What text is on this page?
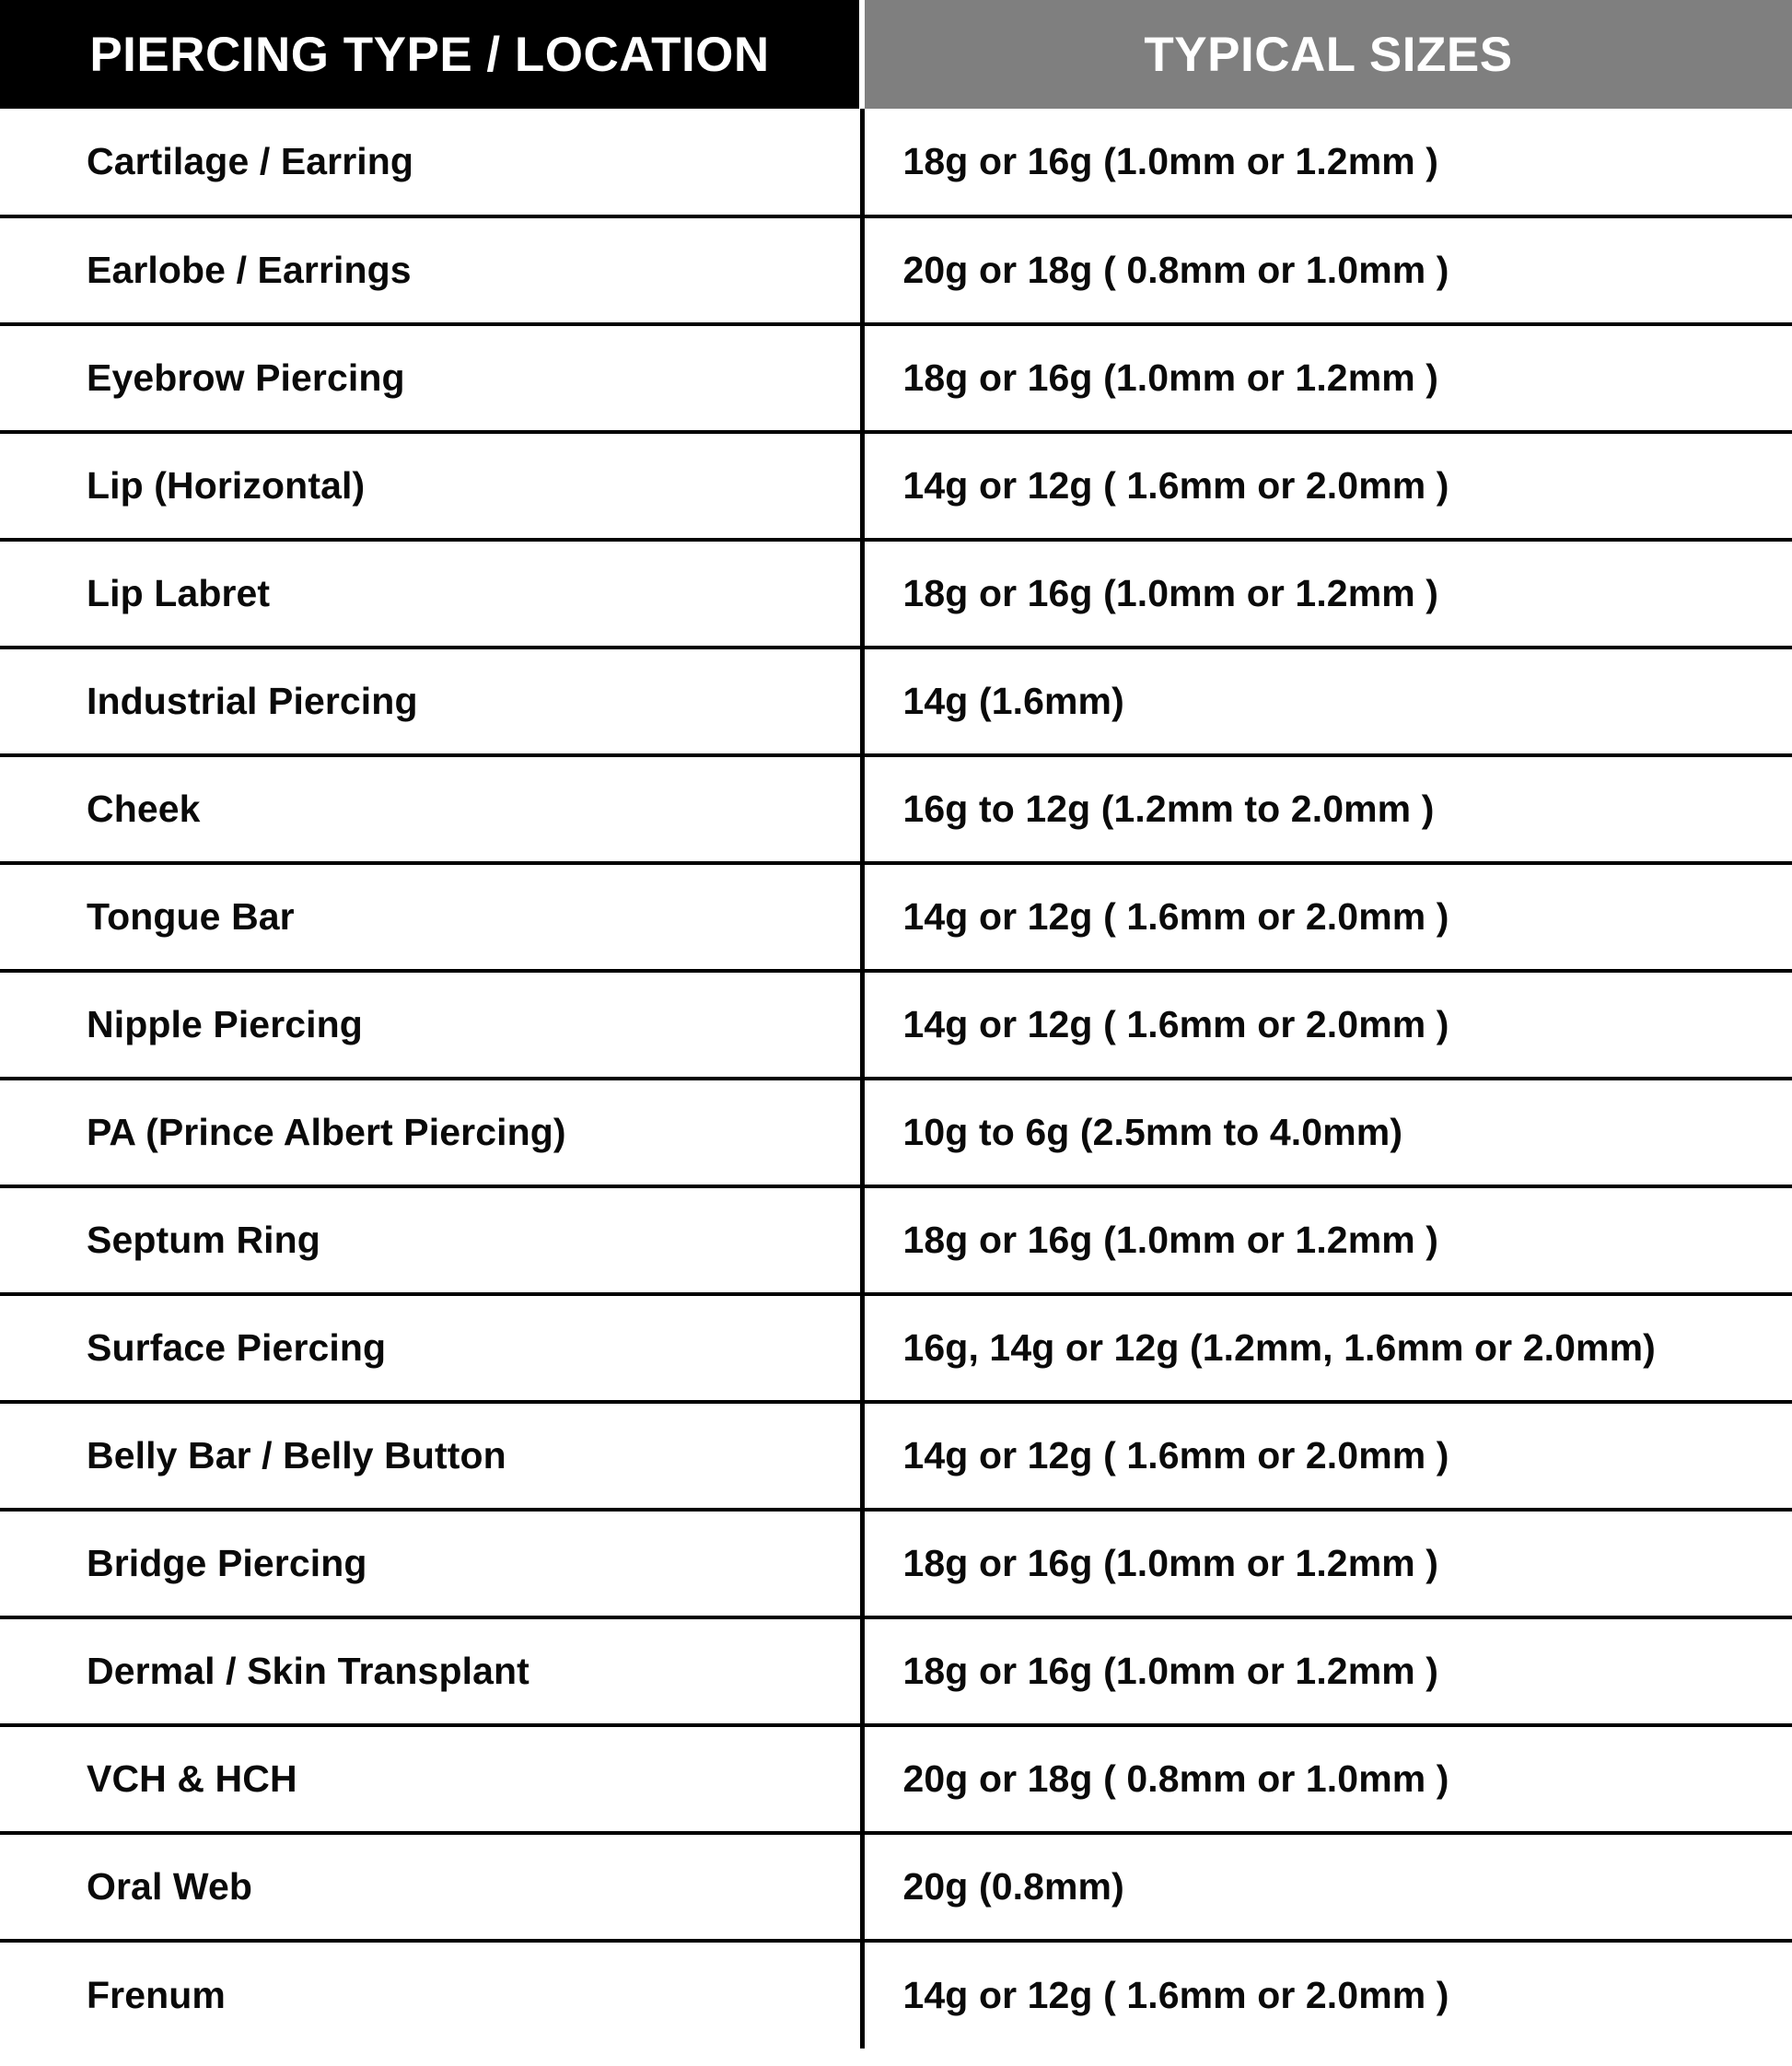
PIERCING TYPE / LOCATION	TYPICAL SIZES
Cartilage / Earring	18g or 16g (1.0mm or 1.2mm )
Earlobe / Earrings	20g or 18g ( 0.8mm or 1.0mm )
Eyebrow Piercing	18g or 16g (1.0mm or 1.2mm )
Lip (Horizontal)	14g or 12g ( 1.6mm or 2.0mm )
Lip Labret	18g or 16g (1.0mm or 1.2mm )
Industrial Piercing	14g (1.6mm)
Cheek	16g to 12g (1.2mm to 2.0mm )
Tongue Bar	14g or 12g ( 1.6mm or 2.0mm )
Nipple Piercing	14g or 12g ( 1.6mm or 2.0mm )
PA (Prince Albert Piercing)	10g to 6g (2.5mm to 4.0mm)
Septum Ring	18g or 16g (1.0mm or 1.2mm )
Surface Piercing	16g, 14g or 12g (1.2mm, 1.6mm or 2.0mm)
Belly Bar / Belly Button	14g or 12g ( 1.6mm or 2.0mm )
Bridge Piercing	18g or 16g (1.0mm or 1.2mm )
Dermal / Skin Transplant	18g or 16g (1.0mm or 1.2mm )
VCH & HCH	20g or 18g ( 0.8mm or 1.0mm )
Oral Web	20g (0.8mm)
Frenum	14g or 12g ( 1.6mm or 2.0mm )
